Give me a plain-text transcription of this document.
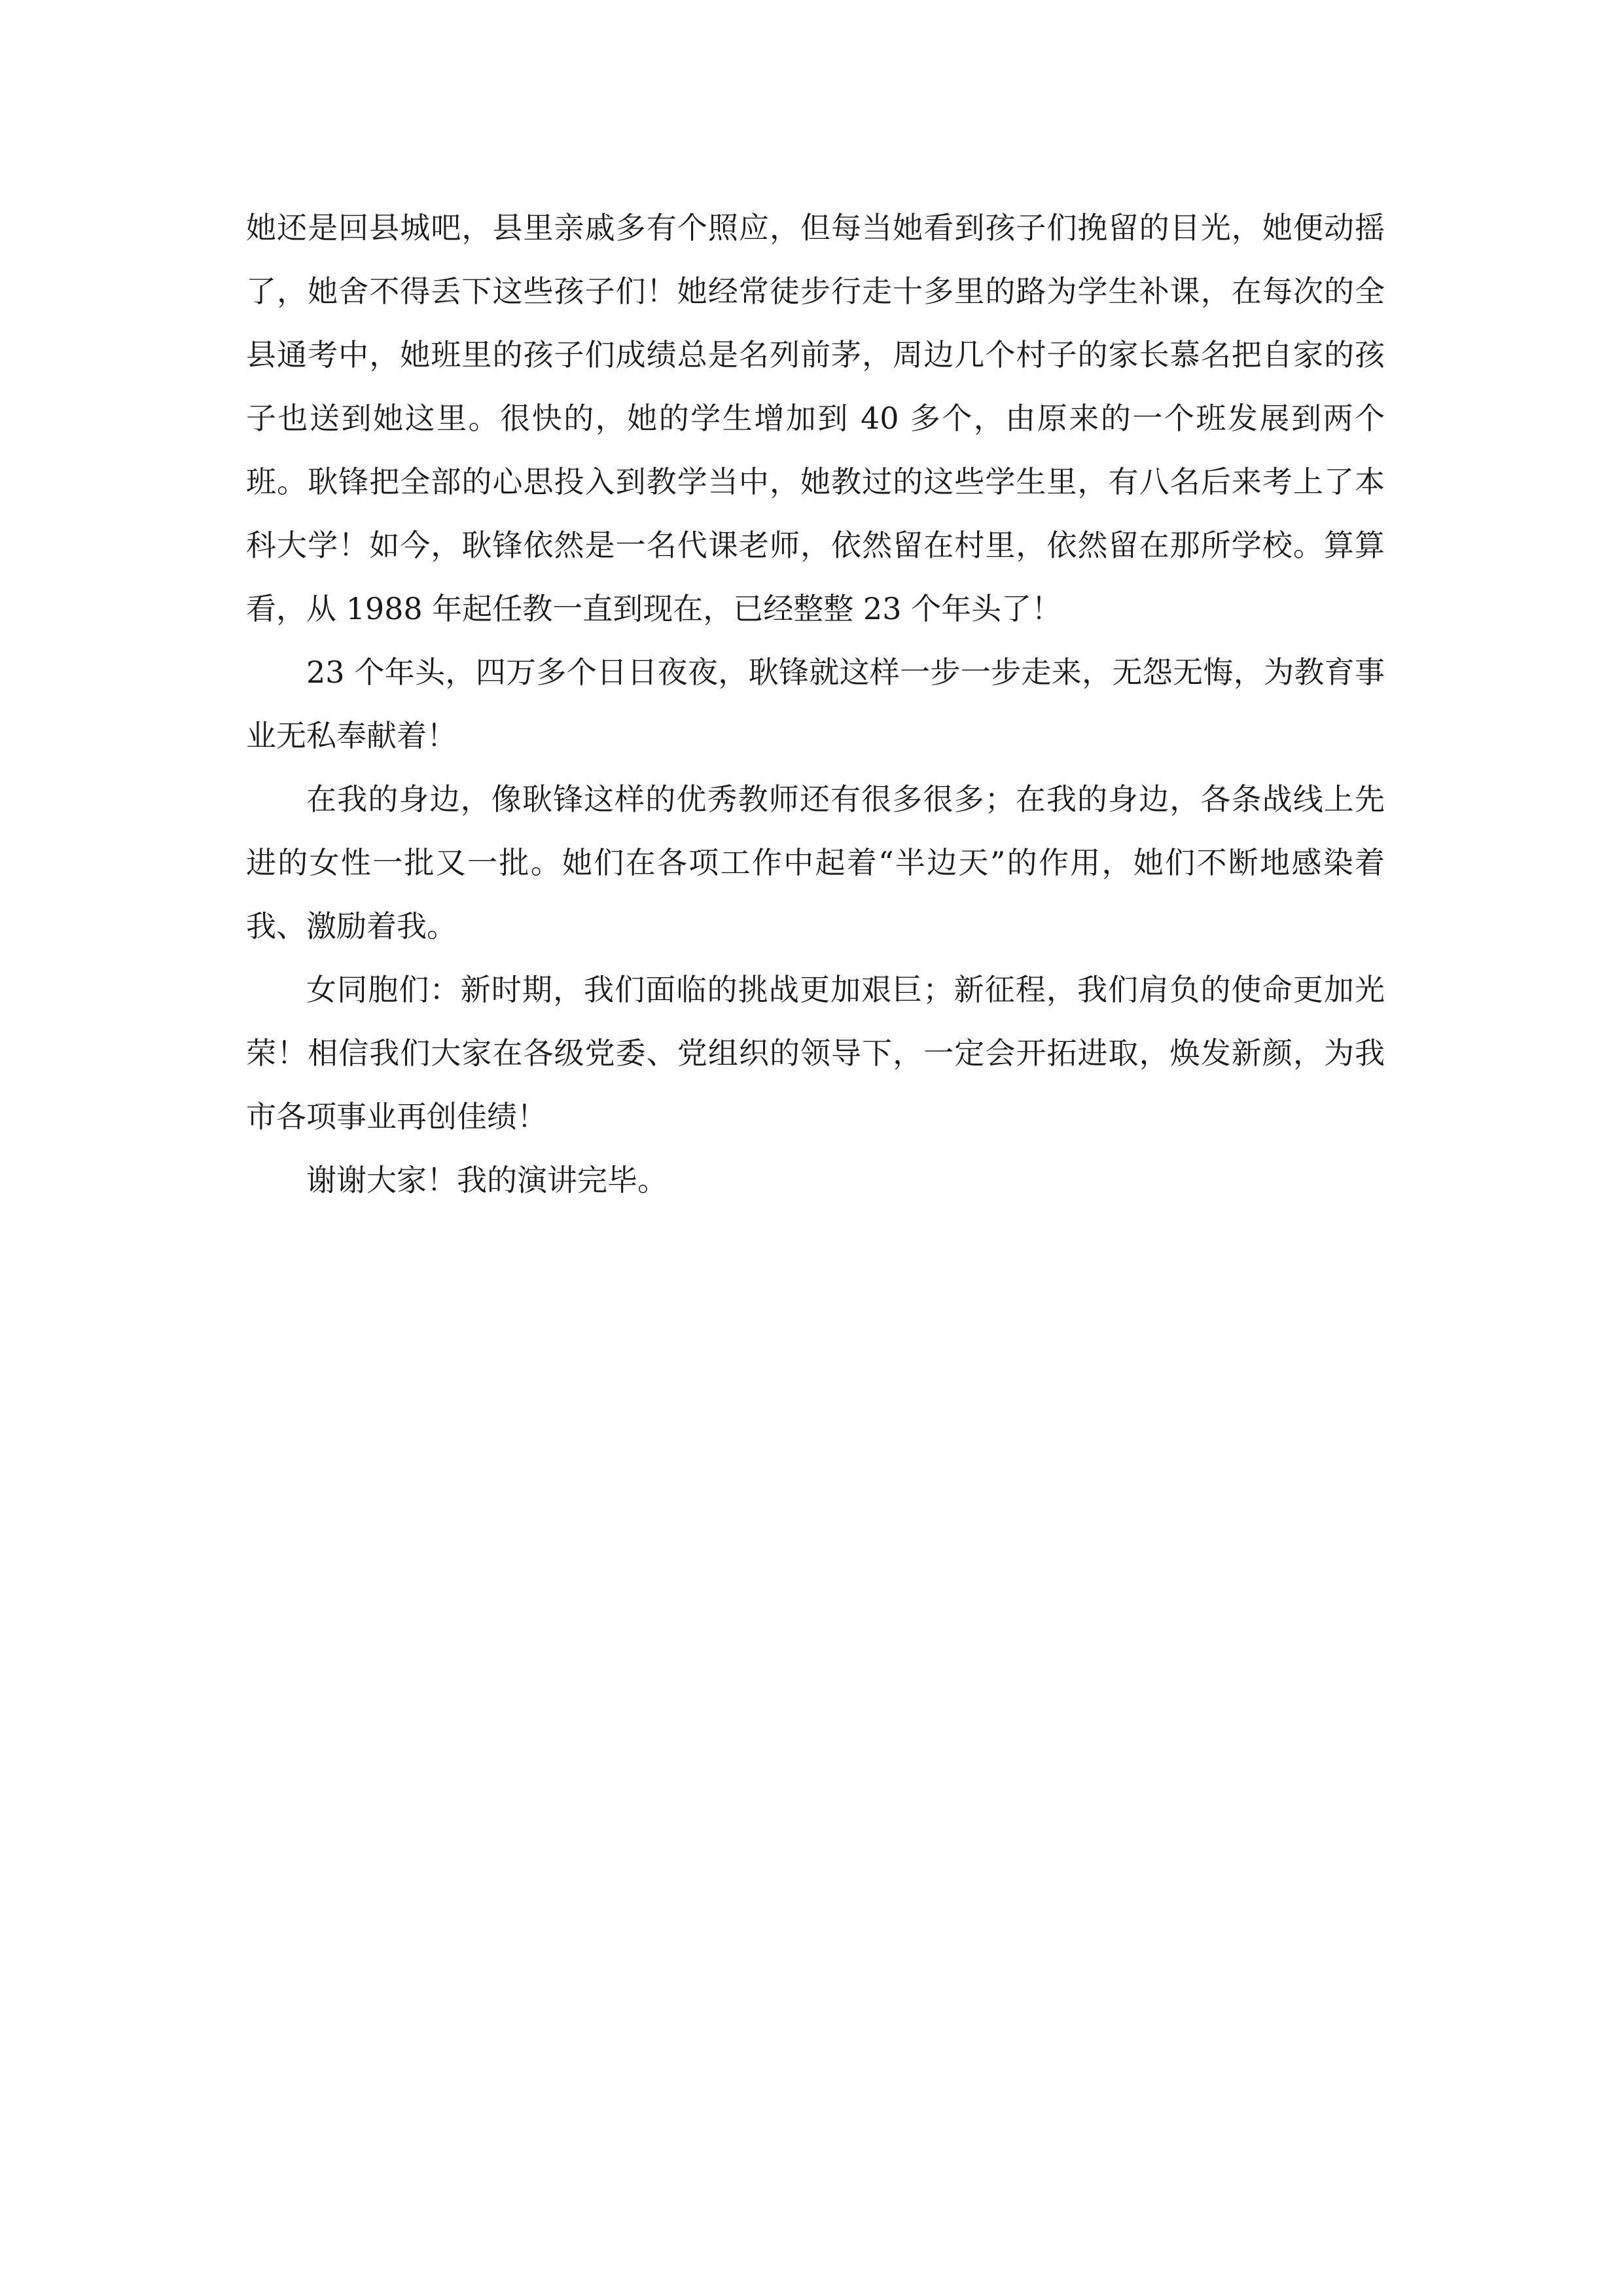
她还是回县城吧，县里亲戚多有个照应，但每当她看到孩子们挽留的目光，她便动摇了，她舍不得丢下这些孩子们！她经常徒步行走十多里的路为学生补课，在每次的全县通考中，她班里的孩子们成绩总是名列前茅，周边几个村子的家长慕名把自家的孩子也送到她这里。很快的，她的学生增加到 40 多个，由原来的一个班发展到两个班。耿锋把全部的心思投入到教学当中，她教过的这些学生里，有八名后来考上了本科大学！如今，耿锋依然是一名代课老师，依然留在村里，依然留在那所学校。算算看，从 1988 年起任教一直到现在，已经整整 23 个年头了！

23 个年头，四万多个日日夜夜，耿锋就这样一步一步走来，无怨无悔，为教育事业无私奉献着！

在我的身边，像耿锋这样的优秀教师还有很多很多；在我的身边，各条战线上先进的女性一批又一批。她们在各项工作中起着“半边天”的作用，她们不断地感染着我、激励着我。

女同胞们：新时期，我们面临的挑战更加艰巨；新征程，我们肩负的使命更加光荣！相信我们大家在各级党委、党组织的领导下，一定会开拓进取，焕发新颜，为我市各项事业再创佳绩！

谢谢大家！我的演讲完毕。
